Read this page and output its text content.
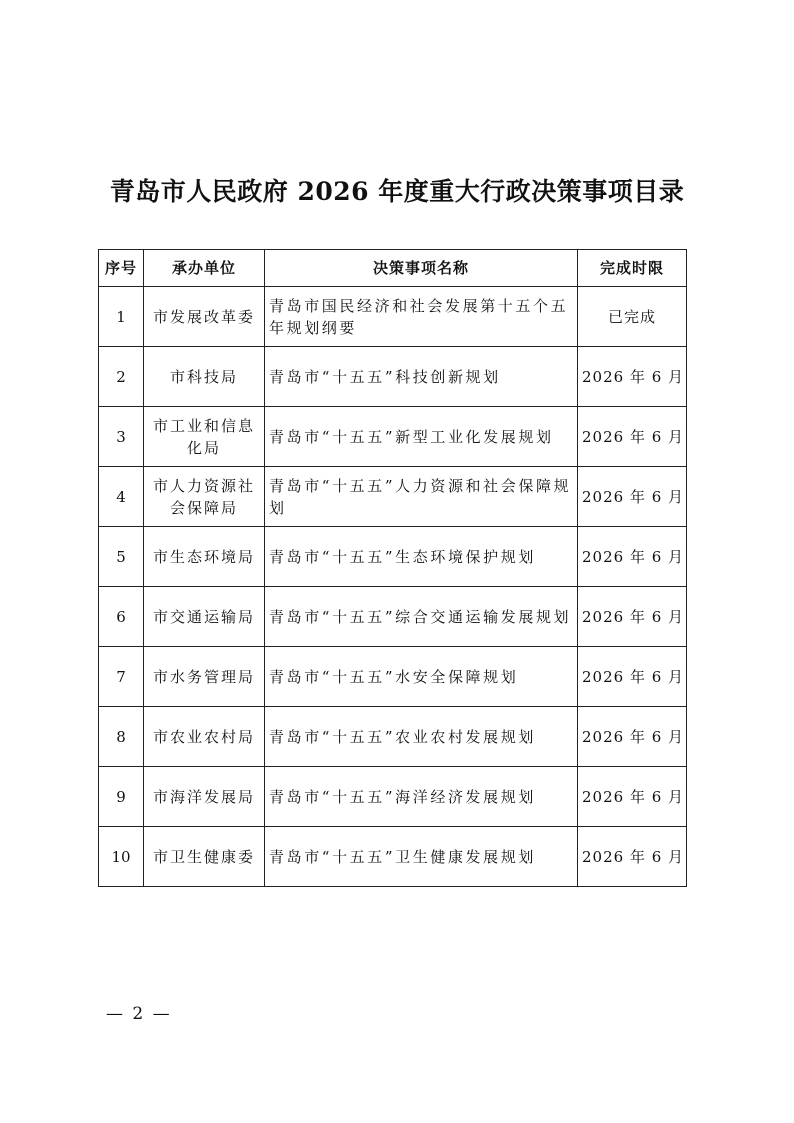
青岛市人民政府 2026 年度重大行政决策事项目录
序号	承办单位	决策事项名称	完成时限
1	市发展改革委	青岛市国民经济和社会发展第十五个五年规划纲要	已完成
2	市科技局	青岛市“十五五”科技创新规划	2026 年 6 月
3	市工业和信息化局	青岛市“十五五”新型工业化发展规划	2026 年 6 月
4	市人力资源社会保障局	青岛市“十五五”人力资源和社会保障规划	2026 年 6 月
5	市生态环境局	青岛市“十五五”生态环境保护规划	2026 年 6 月
6	市交通运输局	青岛市“十五五”综合交通运输发展规划	2026 年 6 月
7	市水务管理局	青岛市“十五五”水安全保障规划	2026 年 6 月
8	市农业农村局	青岛市“十五五”农业农村发展规划	2026 年 6 月
9	市海洋发展局	青岛市“十五五”海洋经济发展规划	2026 年 6 月
10	市卫生健康委	青岛市“十五五”卫生健康发展规划	2026 年 6 月
— 2 —
